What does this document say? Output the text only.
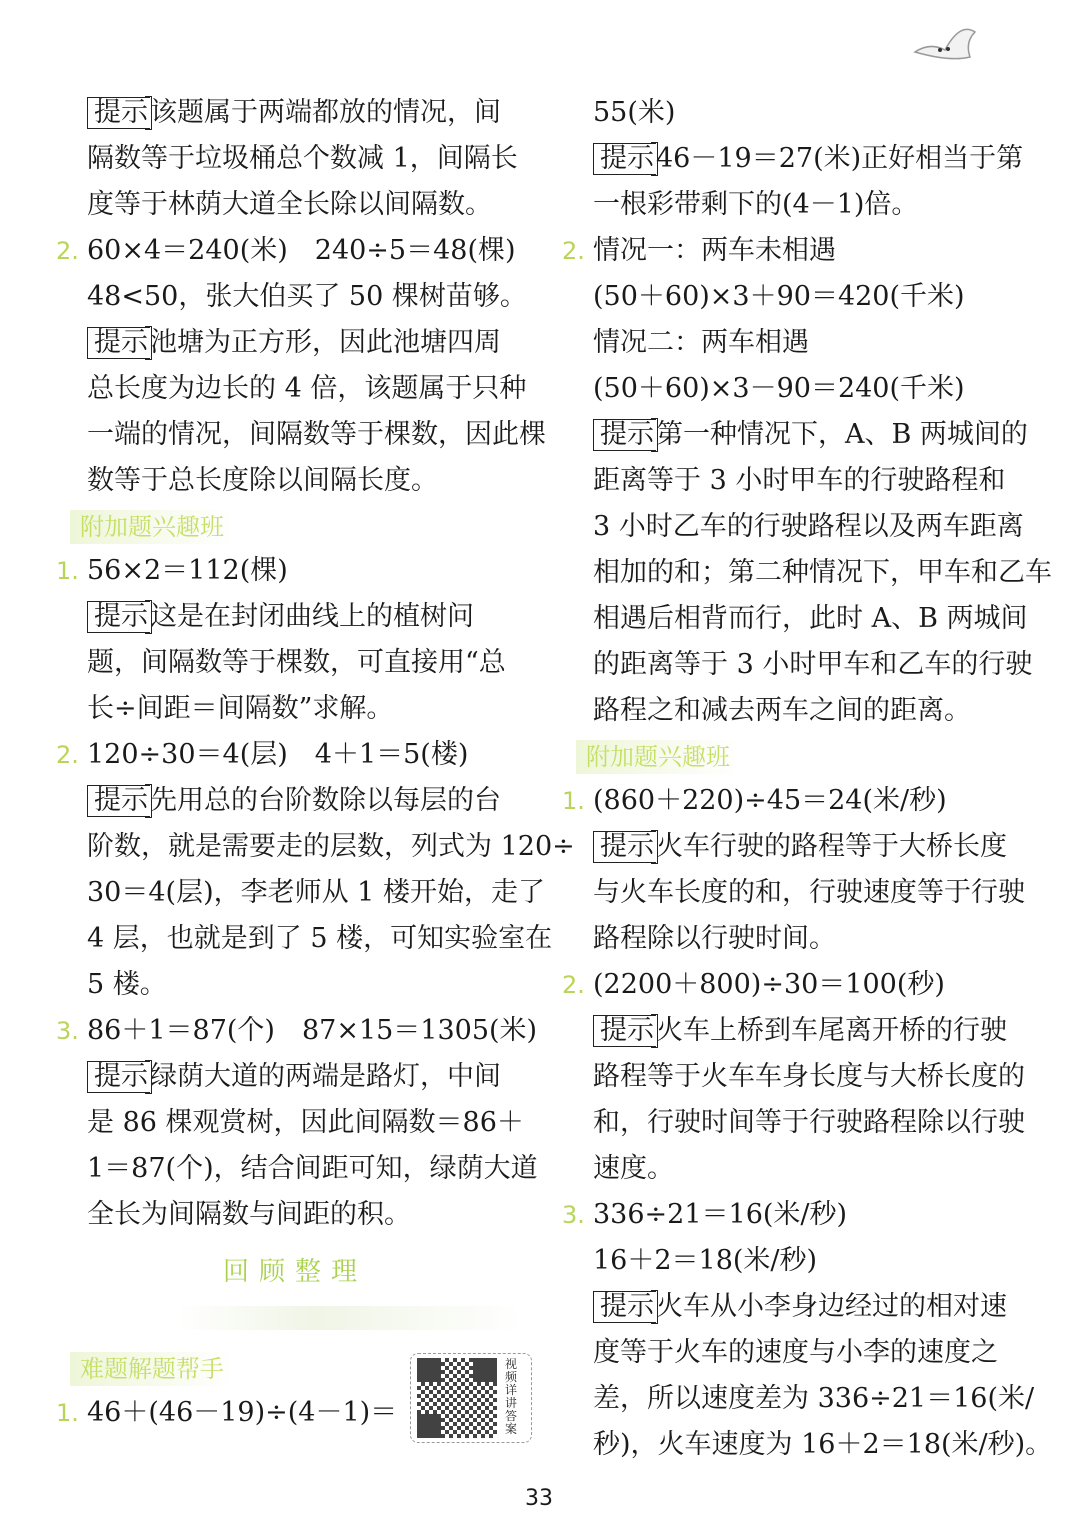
提示该题属于两端都放的情况，间
隔数等于垃圾桶总个数减 1，间隔长
度等于林荫大道全长除以间隔数。
2. 60×4＝240(米)　240÷5＝48(棵)
48<50，张大伯买了 50 棵树苗够。
提示池塘为正方形，因此池塘四周
总长度为边长的 4 倍，该题属于只种
一端的情况，间隔数等于棵数，因此棵
数等于总长度除以间隔长度。
附加题兴趣班
1. 56×2＝112(棵)
提示这是在封闭曲线上的植树问
题，间隔数等于棵数，可直接用“总
长÷间距＝间隔数”求解。
2. 120÷30＝4(层)　4＋1＝5(楼)
提示先用总的台阶数除以每层的台
阶数，就是需要走的层数，列式为 120÷
30＝4(层)，李老师从 1 楼开始，走了
4 层，也就是到了 5 楼，可知实验室在
5 楼。
3. 86＋1＝87(个)　87×15＝1305(米)
提示绿荫大道的两端是路灯，中间
是 86 棵观赏树，因此间隔数＝86＋
1＝87(个)，结合间距可知，绿荫大道
全长为间隔数与间距的积。
回顾整理
难题解题帮手
1. 46＋(46－19)÷(4－1)＝
视频详讲答案
55(米)
提示46－19＝27(米)正好相当于第
一根彩带剩下的(4－1)倍。
2. 情况一：两车未相遇
(50＋60)×3＋90＝420(千米)
情况二：两车相遇
(50＋60)×3－90＝240(千米)
提示第一种情况下，A、B 两城间的
距离等于 3 小时甲车的行驶路程和
3 小时乙车的行驶路程以及两车距离
相加的和；第二种情况下，甲车和乙车
相遇后相背而行，此时 A、B 两城间
的距离等于 3 小时甲车和乙车的行驶
路程之和减去两车之间的距离。
附加题兴趣班
1. (860＋220)÷45＝24(米/秒)
提示火车行驶的路程等于大桥长度
与火车长度的和，行驶速度等于行驶
路程除以行驶时间。
2. (2200＋800)÷30＝100(秒)
提示火车上桥到车尾离开桥的行驶
路程等于火车车身长度与大桥长度的
和，行驶时间等于行驶路程除以行驶
速度。
3. 336÷21＝16(米/秒)
16＋2＝18(米/秒)
提示火车从小李身边经过的相对速
度等于火车的速度与小李的速度之
差，所以速度差为 336÷21＝16(米/
秒)，火车速度为 16＋2＝18(米/秒)。
33
